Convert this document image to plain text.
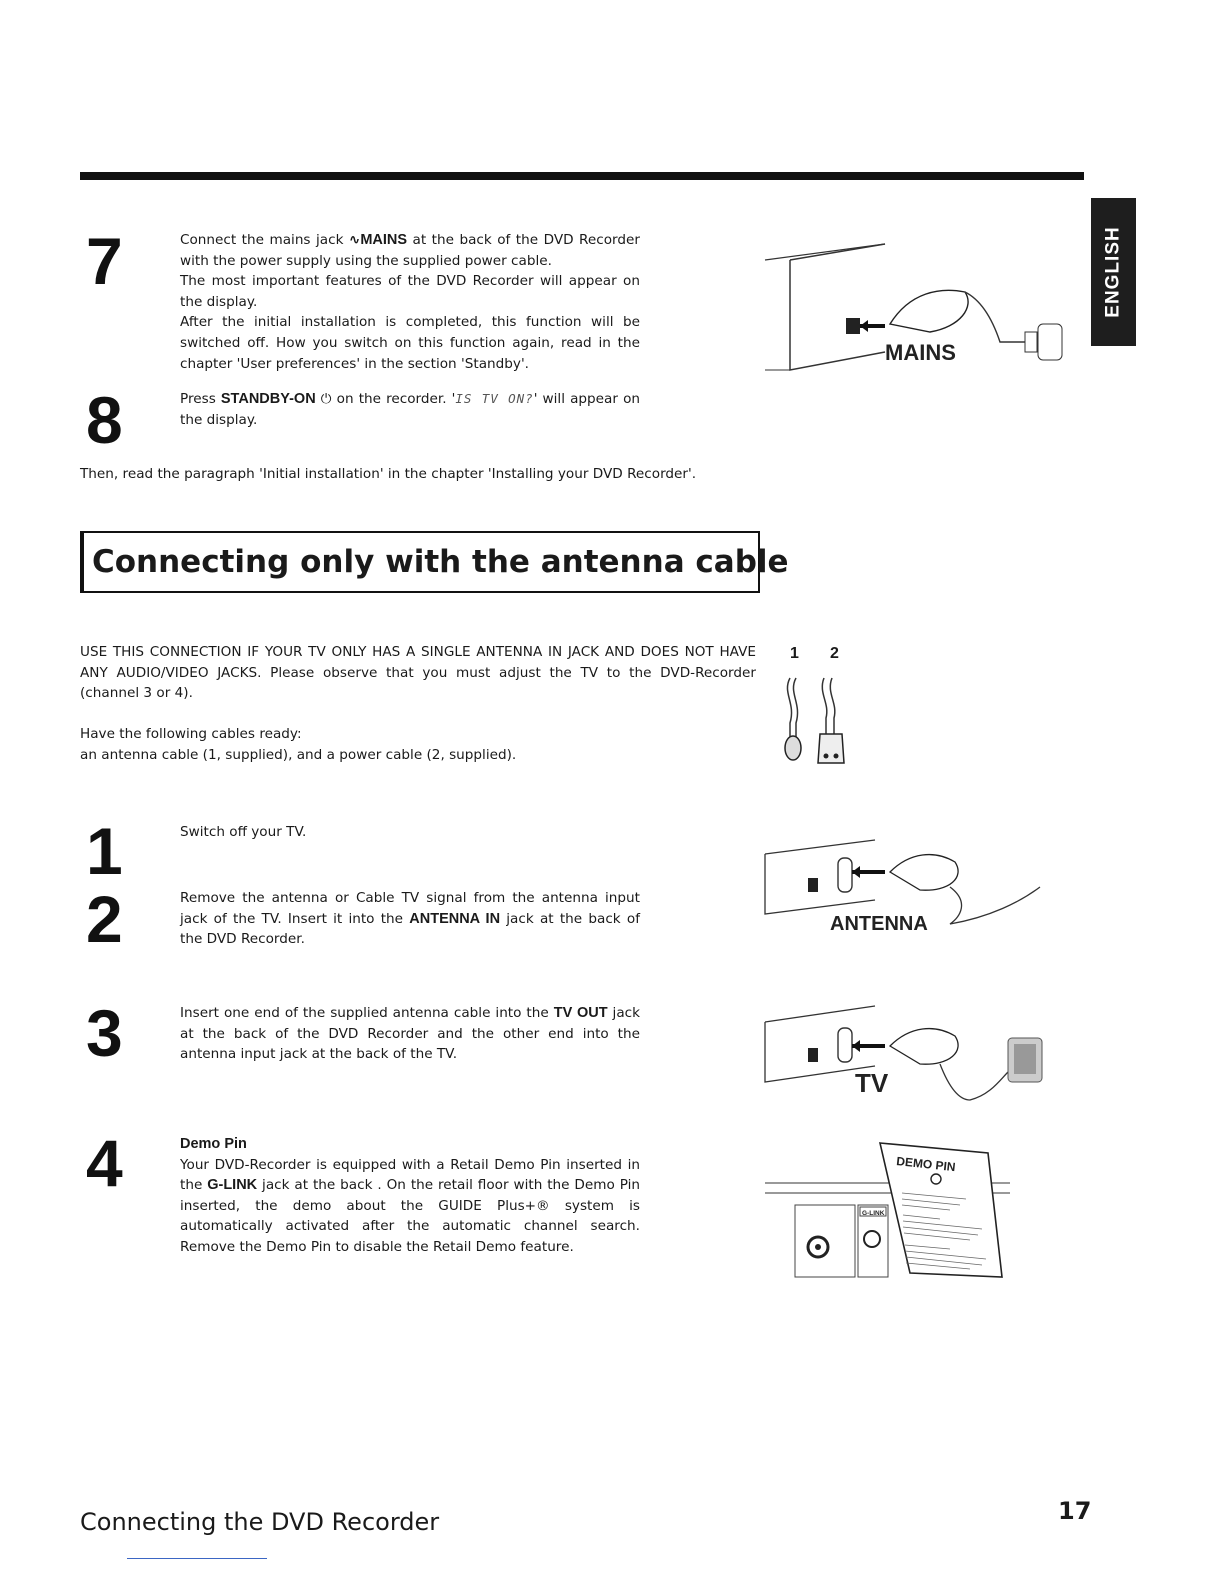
ENGLISH
7	Connect the mains jack ∿MAINS at the back of the DVD Recorder with the power supply using the supplied power cable.
The most important features of the DVD Recorder will appear on the display.
After the initial installation is completed, this function will be switched off. How you switch on this function again, read in the chapter 'User preferences' in the section 'Standby'.
8	Press STANDBY-ON ⏻ on the recorder. 'IS TV ON?' will appear on the display.
Then, read the paragraph 'Initial installation' in the chapter 'Installing your DVD Recorder'.
Connecting only with the antenna cable
USE THIS CONNECTION IF YOUR TV ONLY HAS A SINGLE ANTENNA IN JACK AND DOES NOT HAVE ANY AUDIO/VIDEO JACKS. Please observe that you must adjust the TV to the DVD-Recorder (channel 3 or 4).
Have the following cables ready:
an antenna cable (1, supplied), and a power cable (2, supplied).
1 2
MAINS
1	Switch off your TV.
2	Remove the antenna or Cable TV signal from the antenna input jack of the TV. Insert it into the ANTENNA IN jack at the back of the DVD Recorder.
3	Insert one end of the supplied antenna cable into the TV OUT jack at the back of the DVD Recorder and the other end into the antenna input jack at the back of the TV.
4	Demo Pin
Your DVD-Recorder is equipped with a Retail Demo Pin inserted in the G-LINK jack at the back . On the retail floor with the Demo Pin inserted, the demo about the GUIDE Plus+® system is automatically activated after the automatic channel search. Remove the Demo Pin to disable the Retail Demo feature.
ANTENNA
TV
G-LINK
DEMO PIN
Connecting the DVD Recorder	17
